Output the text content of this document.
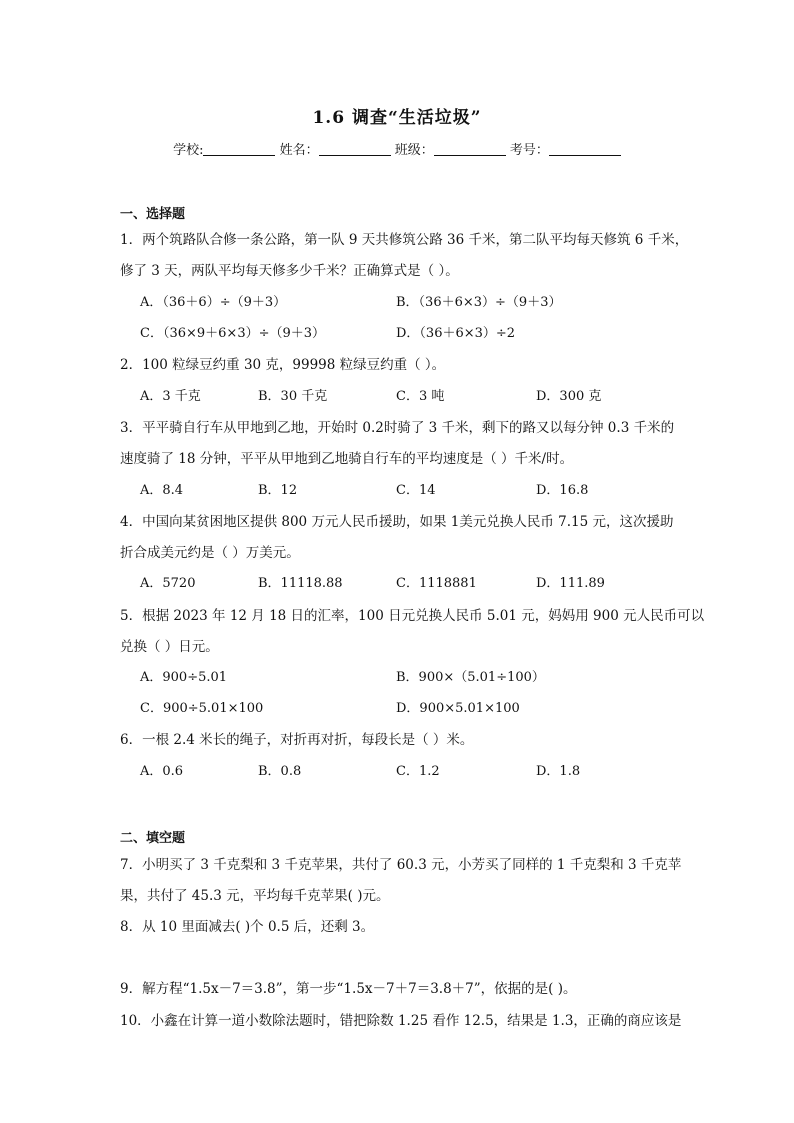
1.6 调查“生活垃圾”
学校:	姓名：	班级：	考号：
一、选择题
1．两个筑路队合修一条公路，第一队 9 天共修筑公路 36 千米，第二队平均每天修筑 6 千米，
修了 3 天，两队平均每天修多少千米？正确算式是（ ）。
A．（36＋6）÷（9＋3）	B．（36＋6×3）÷（9＋3）
C．（36×9＋6×3）÷（9＋3）	D．（36＋6×3）÷2
2．100 粒绿豆约重 30 克，99998 粒绿豆约重（ ）。
A．3 千克	B．30 千克	C．3 吨	D．300 克
3．平平骑自行车从甲地到乙地，开始时 0.2时骑了 3 千米，剩下的路又以每分钟 0.3 千米的
速度骑了 18 分钟，平平从甲地到乙地骑自行车的平均速度是（ ）千米/时。
A．8.4	B．12	C．14	D．16.8
4．中国向某贫困地区提供 800 万元人民币援助，如果 1美元兑换人民币 7.15 元，这次援助
折合成美元约是（ ）万美元。
A．5720	B．11118.88	C．1118881	D．111.89
5．根据 2023 年 12 月 18 日的汇率，100 日元兑换人民币 5.01 元，妈妈用 900 元人民币可以
兑换（ ）日元。
A．900÷5.01	B．900×（5.01÷100）
C．900÷5.01×100	D．900×5.01×100
6．一根 2.4 米长的绳子，对折再对折，每段长是（ ）米。
A．0.6	B．0.8	C．1.2	D．1.8
二、填空题
7．小明买了 3 千克梨和 3 千克苹果，共付了 60.3 元，小芳买了同样的 1 千克梨和 3 千克苹
果，共付了 45.3 元，平均每千克苹果( )元。
8．从 10 里面减去( )个 0.5 后，还剩 3。
9．解方程“1.5x－7＝3.8”，第一步“1.5x－7＋7＝3.8＋7”，依据的是( )。
10．小鑫在计算一道小数除法题时，错把除数 1.25 看作 12.5，结果是 1.3，正确的商应该是
